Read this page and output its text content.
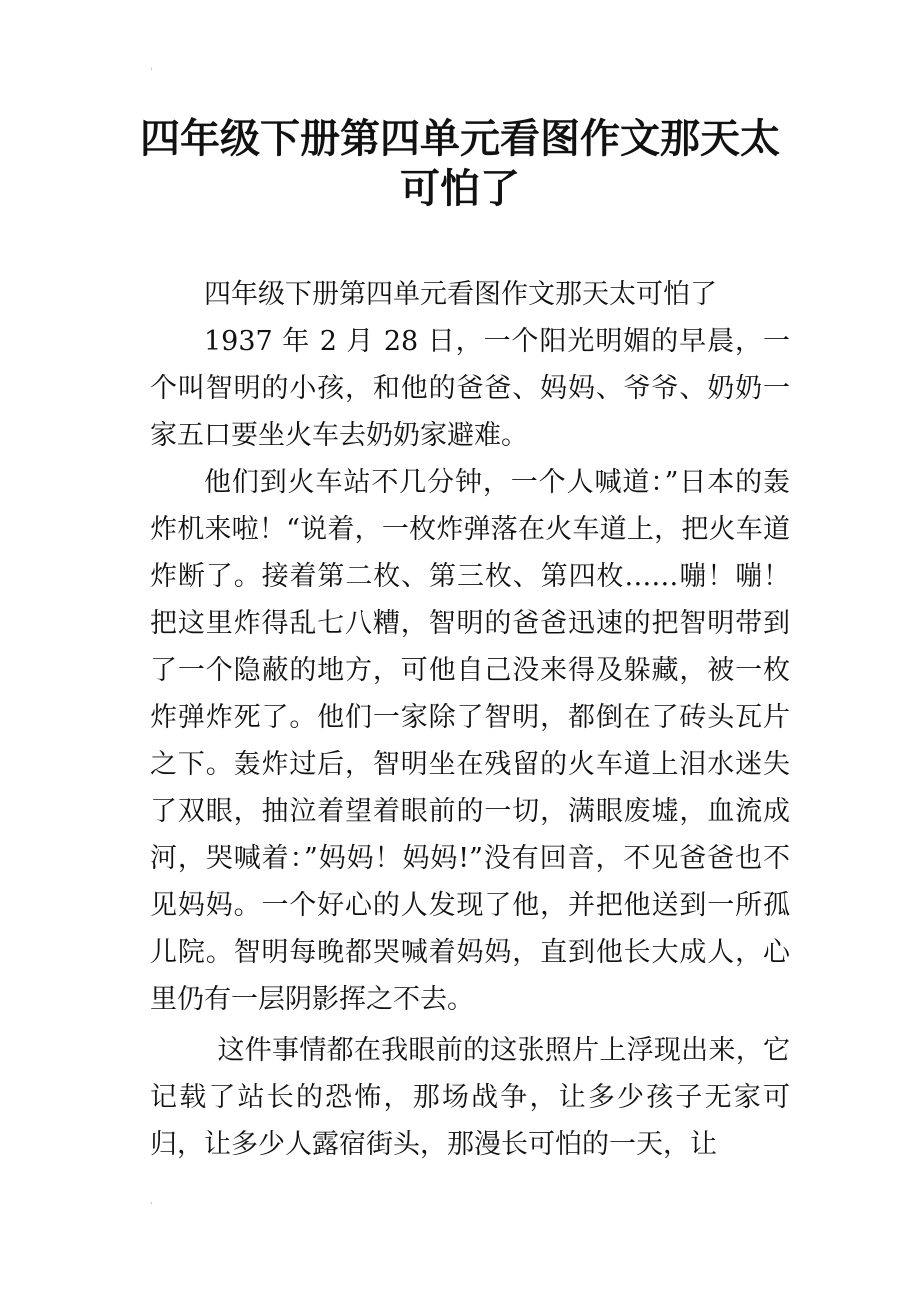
'
四年级下册第四单元看图作文那天太
可怕了

四年级下册第四单元看图作文那天太可怕了

1937 年 2 月 28 日，一个阳光明媚的早晨，一个叫智明的小孩，和他的爸爸、妈妈、爷爷、奶奶一家五口要坐火车去奶奶家避难。

他们到火车站不几分钟，一个人喊道：”日本的轰炸机来啦！“说着，一枚炸弹落在火车道上，把火车道炸断了。接着第二枚、第三枚、第四枚……嘣！嘣！把这里炸得乱七八糟，智明的爸爸迅速的把智明带到了一个隐蔽的地方，可他自己没来得及躲藏，被一枚炸弹炸死了。他们一家除了智明，都倒在了砖头瓦片之下。轰炸过后，智明坐在残留的火车道上泪水迷失了双眼，抽泣着望着眼前的一切，满眼废墟，血流成河，哭喊着：”妈妈！妈妈!”没有回音，不见爸爸也不见妈妈。一个好心的人发现了他，并把他送到一所孤儿院。智明每晚都哭喊着妈妈，直到他长大成人，心里仍有一层阴影挥之不去。

这件事情都在我眼前的这张照片上浮现出来，它记载了站长的恐怖，那场战争，让多少孩子无家可归，让多少人露宿街头，那漫长可怕的一天，让

,
